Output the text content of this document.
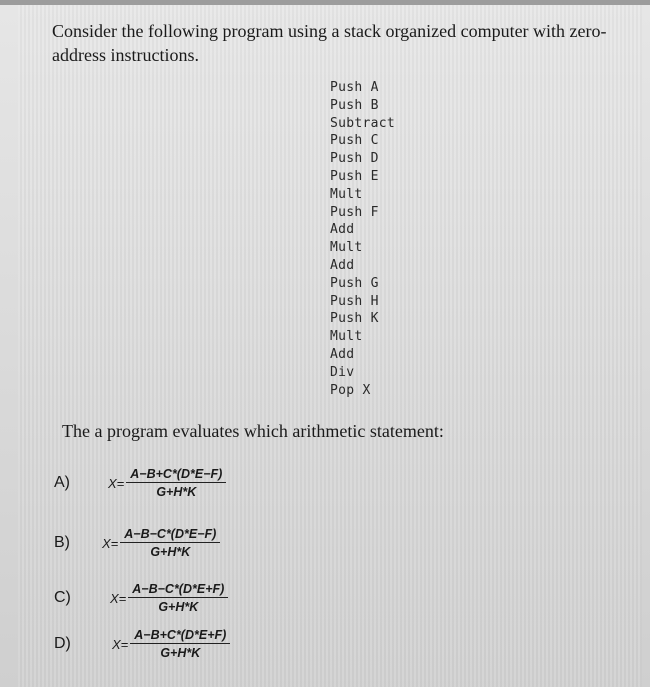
Consider the following program using a stack organized computer with zero-address instructions.

Push A
Push B
Subtract
Push C
Push D
Push E
Mult
Push F
Add
Mult
Add
Push G
Push H
Push K
Mult
Add
Div
Pop X

The a program evaluates which arithmetic statement:

A)	$X= \frac{A-B+C*(D*E-F)}{G+H*K}$
B)	$X= \frac{A-B-C*(D*E-F)}{G+H*K}$
C)	$X= \frac{A-B-C*(D*E+F)}{G+H*K}$
D)	$X= \frac{A-B+C*(D*E+F)}{G+H*K}$
